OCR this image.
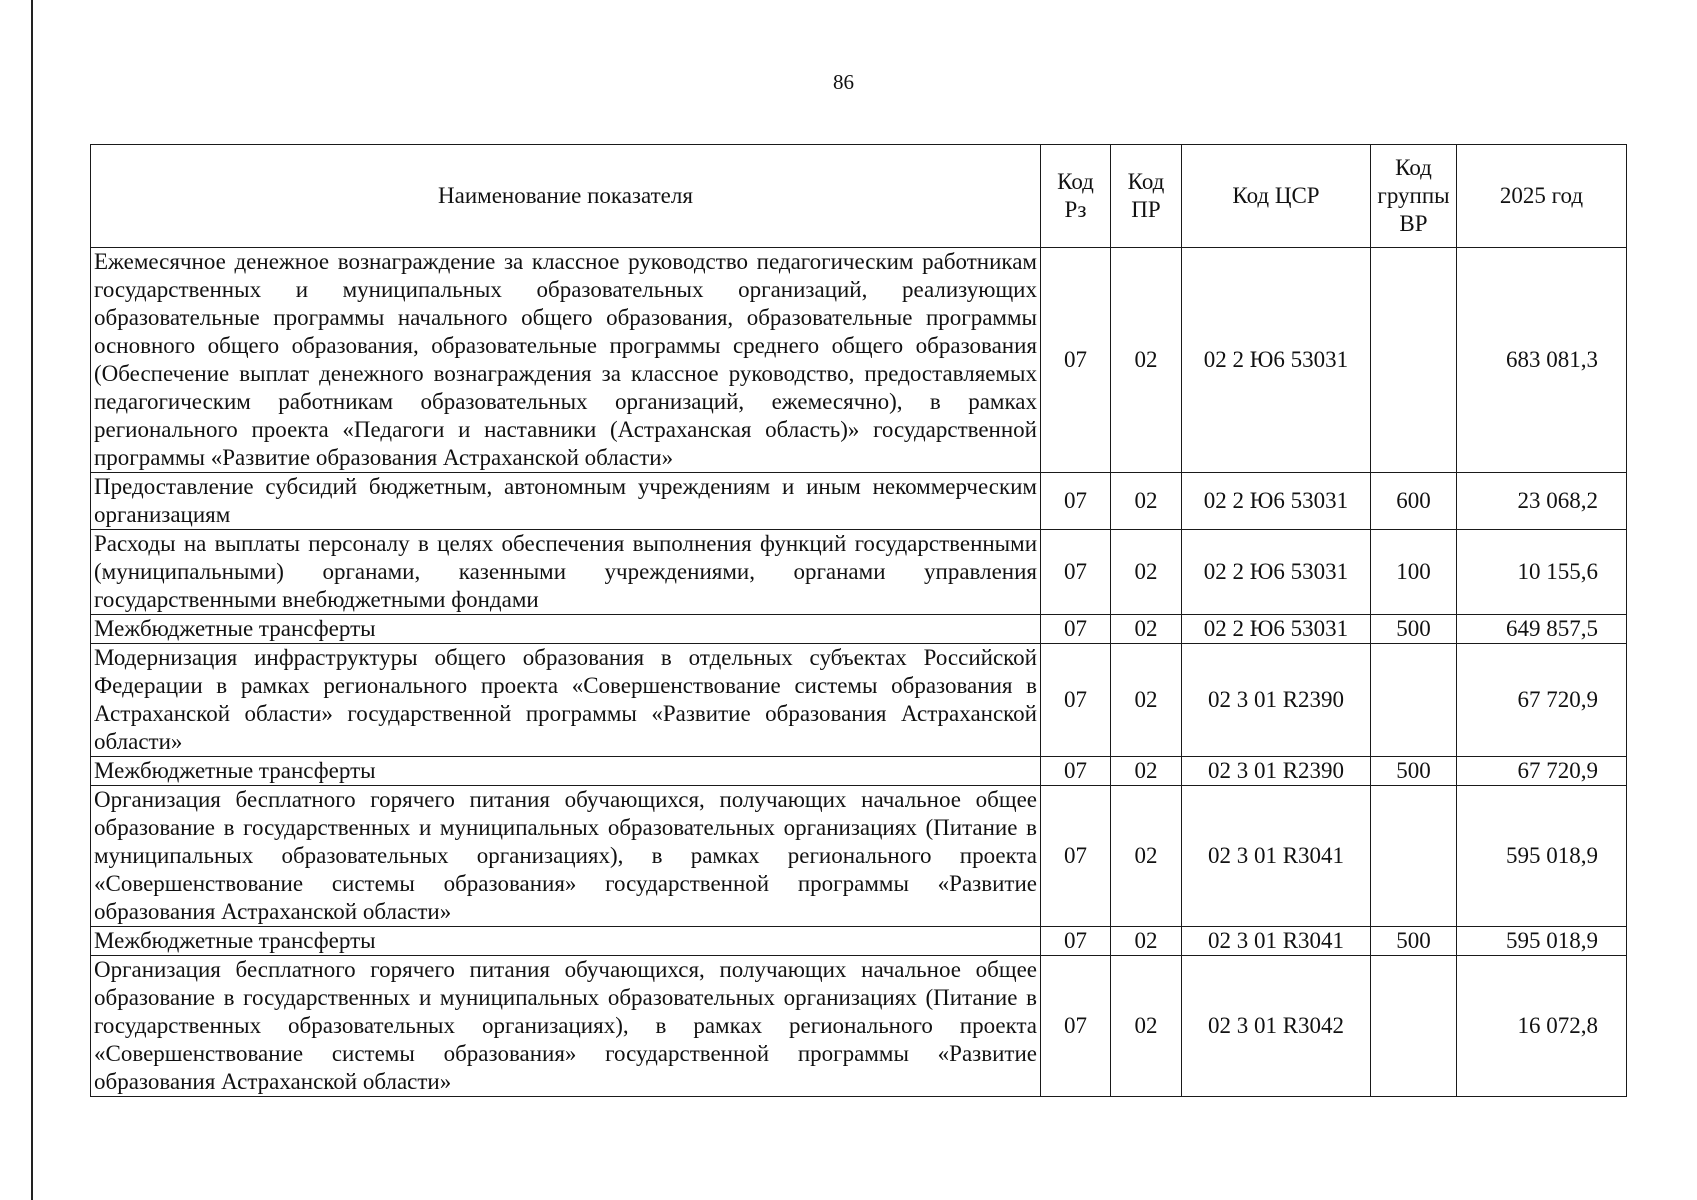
86
Наименование показателя	Код Рз	Код ПР	Код ЦСР	Код группы ВР	2025 год
Ежемесячное денежное вознаграждение за классное руководство педагогическим работникам государственных и муниципальных образовательных организаций, реализующих образовательные программы начального общего образования, образовательные программы основного общего образования, образовательные программы среднего общего образования (Обеспечение выплат денежного вознаграждения за классное руководство, предоставляемых педагогическим работникам образовательных организаций, ежемесячно), в рамках регионального проекта «Педагоги и наставники (Астраханская область)» государственной программы «Развитие образования Астраханской области»	07	02	02 2 Ю6 53031		683 081,3
Предоставление субсидий бюджетным, автономным учреждениям и иным некоммерческим организациям	07	02	02 2 Ю6 53031	600	23 068,2
Расходы на выплаты персоналу в целях обеспечения выполнения функций государственными (муниципальными) органами, казенными учреждениями, органами управления государственными внебюджетными фондами	07	02	02 2 Ю6 53031	100	10 155,6
Межбюджетные трансферты	07	02	02 2 Ю6 53031	500	649 857,5
Модернизация инфраструктуры общего образования в отдельных субъектах Российской Федерации в рамках регионального проекта «Совершенствование системы образования в Астраханской области» государственной программы «Развитие образования Астраханской области»	07	02	02 3 01 R2390		67 720,9
Межбюджетные трансферты	07	02	02 3 01 R2390	500	67 720,9
Организация бесплатного горячего питания обучающихся, получающих начальное общее образование в государственных и муниципальных образовательных организациях (Питание в муниципальных образовательных организациях), в рамках регионального проекта «Совершенствование системы образования» государственной программы «Развитие образования Астраханской области»	07	02	02 3 01 R3041		595 018,9
Межбюджетные трансферты	07	02	02 3 01 R3041	500	595 018,9
Организация бесплатного горячего питания обучающихся, получающих начальное общее образование в государственных и муниципальных образовательных организациях (Питание в государственных образовательных организациях), в рамках регионального проекта «Совершенствование системы образования» государственной программы «Развитие образования Астраханской области»	07	02	02 3 01 R3042		16 072,8
